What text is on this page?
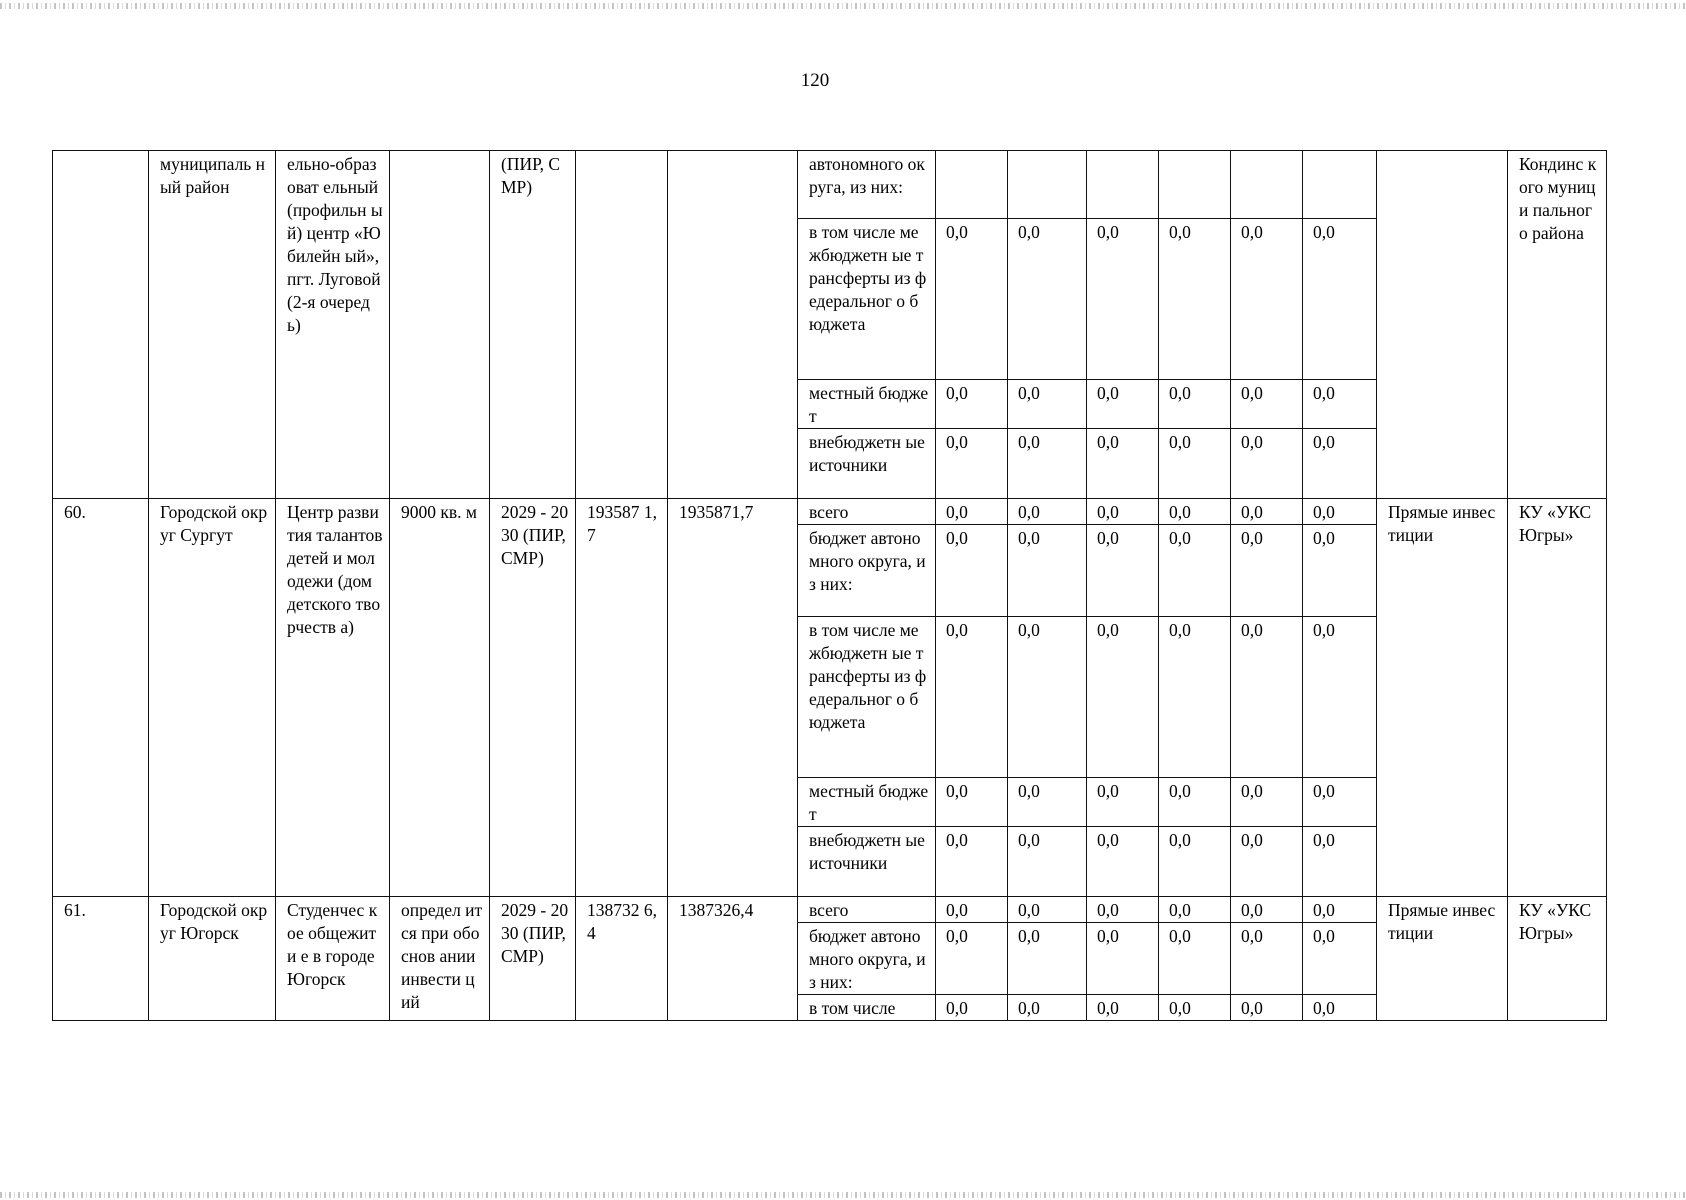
120
	муниципаль ный район	ельно-образоват ельный (профильн ый) центр «Юбилейн ый», пгт. Луговой (2-я очередь)		(ПИР, СМР)			автономного округа, из них:								Кондинс кого муници пальног о района
							в том числе межбюджетн ые трансферты из федеральног о бюджета	0,0	0,0	0,0	0,0	0,0	0,0		
							местный бюджет	0,0	0,0	0,0	0,0	0,0	0,0		
							внебюджетн ые источники	0,0	0,0	0,0	0,0	0,0	0,0		
60.	Городской округ Сургут	Центр развития талантов детей и молодежи (дом детского творчеств а)	9000 кв. м	2029 - 2030 (ПИР, СМР)	193587 1,7	1935871,7	всего	0,0	0,0	0,0	0,0	0,0	0,0	Прямые инвестиции	КУ «УКС Югры»
							бюджет автономного округа, из них:	0,0	0,0	0,0	0,0	0,0	0,0		
							в том числе межбюджетн ые трансферты из федеральног о бюджета	0,0	0,0	0,0	0,0	0,0	0,0		
							местный бюджет	0,0	0,0	0,0	0,0	0,0	0,0		
							внебюджетн ые источники	0,0	0,0	0,0	0,0	0,0	0,0		
61.	Городской округ Югорск	Студенчес кое общежити е в городе Югорск	определ ится при обоснов ании инвести ций	2029 - 2030 (ПИР, СМР)	138732 6,4	1387326,4	всего	0,0	0,0	0,0	0,0	0,0	0,0	Прямые инвестиции	КУ «УКС Югры»
							бюджет автономного округа, из них:	0,0	0,0	0,0	0,0	0,0	0,0		
							в том числе	0,0	0,0	0,0	0,0	0,0	0,0		
